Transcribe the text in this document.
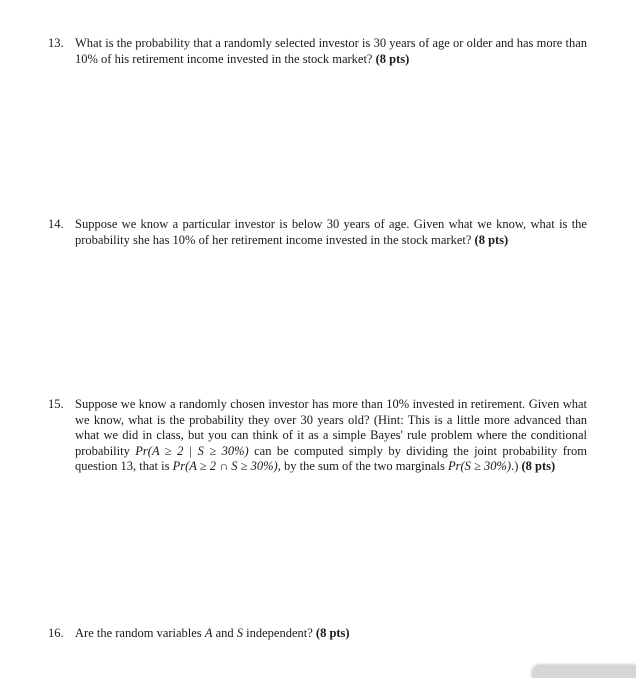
13. What is the probability that a randomly selected investor is 30 years of age or older and has more than 10% of his retirement income invested in the stock market? (8 pts)
14. Suppose we know a particular investor is below 30 years of age. Given what we know, what is the probability she has 10% of her retirement income invested in the stock market? (8 pts)
15. Suppose we know a randomly chosen investor has more than 10% invested in retirement. Given what we know, what is the probability they over 30 years old? (Hint: This is a little more advanced than what we did in class, but you can think of it as a simple Bayes' rule problem where the conditional probability Pr(A ≥ 2 | S ≥ 30%) can be computed simply by dividing the joint probability from question 13, that is Pr(A ≥ 2 ∩ S ≥ 30%), by the sum of the two marginals Pr(S ≥ 30%).) (8 pts)
16. Are the random variables A and S independent? (8 pts)
